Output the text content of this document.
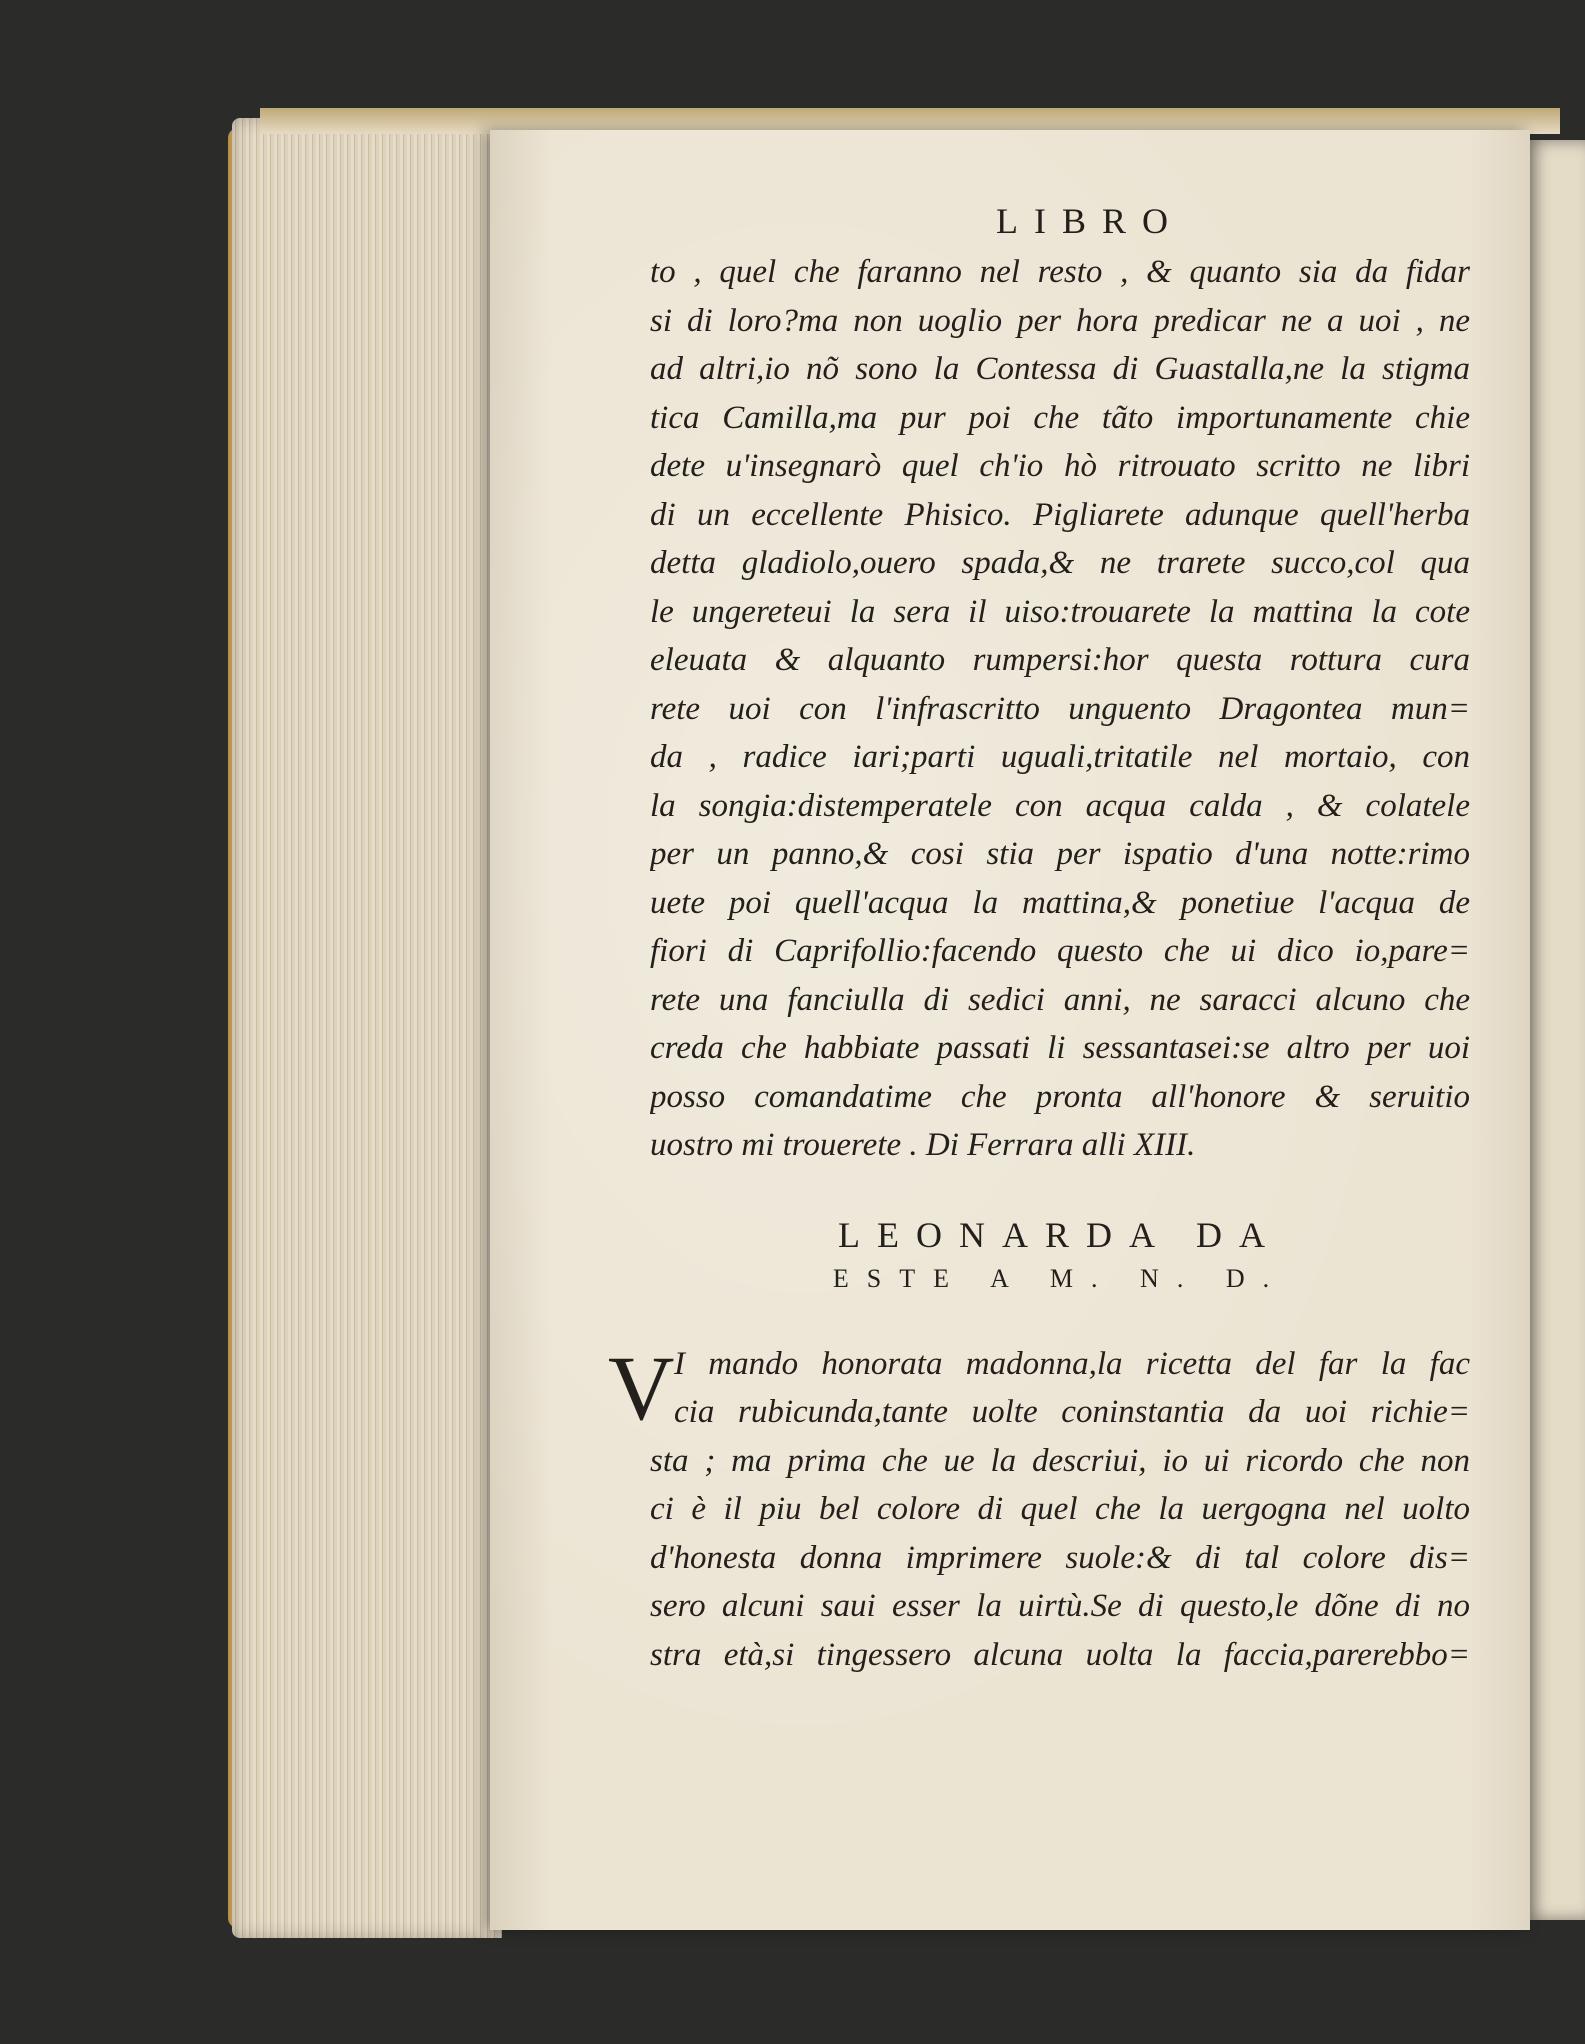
LIBRO
to , quel che faranno nel resto , & quanto sia da fidar
si di loro?ma non uoglio per hora predicar ne a uoi , ne
ad altri,io nõ sono la Contessa di Guastalla,ne la stigma
tica Camilla,ma pur poi che tãto importunamente chie
dete u'insegnarò quel ch'io hò ritrouato scritto ne libri
di un eccellente Phisico. Pigliarete adunque quell'herba
detta gladiolo,ouero spada,& ne trarete succo,col qua
le ungereteui la sera il uiso:trouarete la mattina la cote
eleuata & alquanto rumpersi:hor questa rottura cura
rete uoi con l'infrascritto unguento Dragontea mun=
da , radice iari;parti uguali,tritatile nel mortaio, con
la songia:distemperatele con acqua calda , & colatele
per un panno,& cosi stia per ispatio d'una notte:rimo
uete poi quell'acqua la mattina,& ponetiue l'acqua de
fiori di Caprifollio:facendo questo che ui dico io,pare=
rete una fanciulla di sedici anni, ne saracci alcuno che
creda che habbiate passati li sessantasei:se altro per uoi
posso comandatime che pronta all'honore & seruitio
uostro mi trouerete . Di Ferrara alli XIII.
LEONARDA DA
ESTE A M. N. D.
V I mando honorata madonna,la ricetta del far la fac
cia rubicunda,tante uolte coninstantia da uoi richie=
sta ; ma prima che ue la descriui, io ui ricordo che non
ci è il piu bel colore di quel che la uergogna nel uolto
d'honesta donna imprimere suole:& di tal colore dis=
sero alcuni saui esser la uirtù.Se di questo,le dõne di no
stra età,si tingessero alcuna uolta la faccia,parerebbo=
